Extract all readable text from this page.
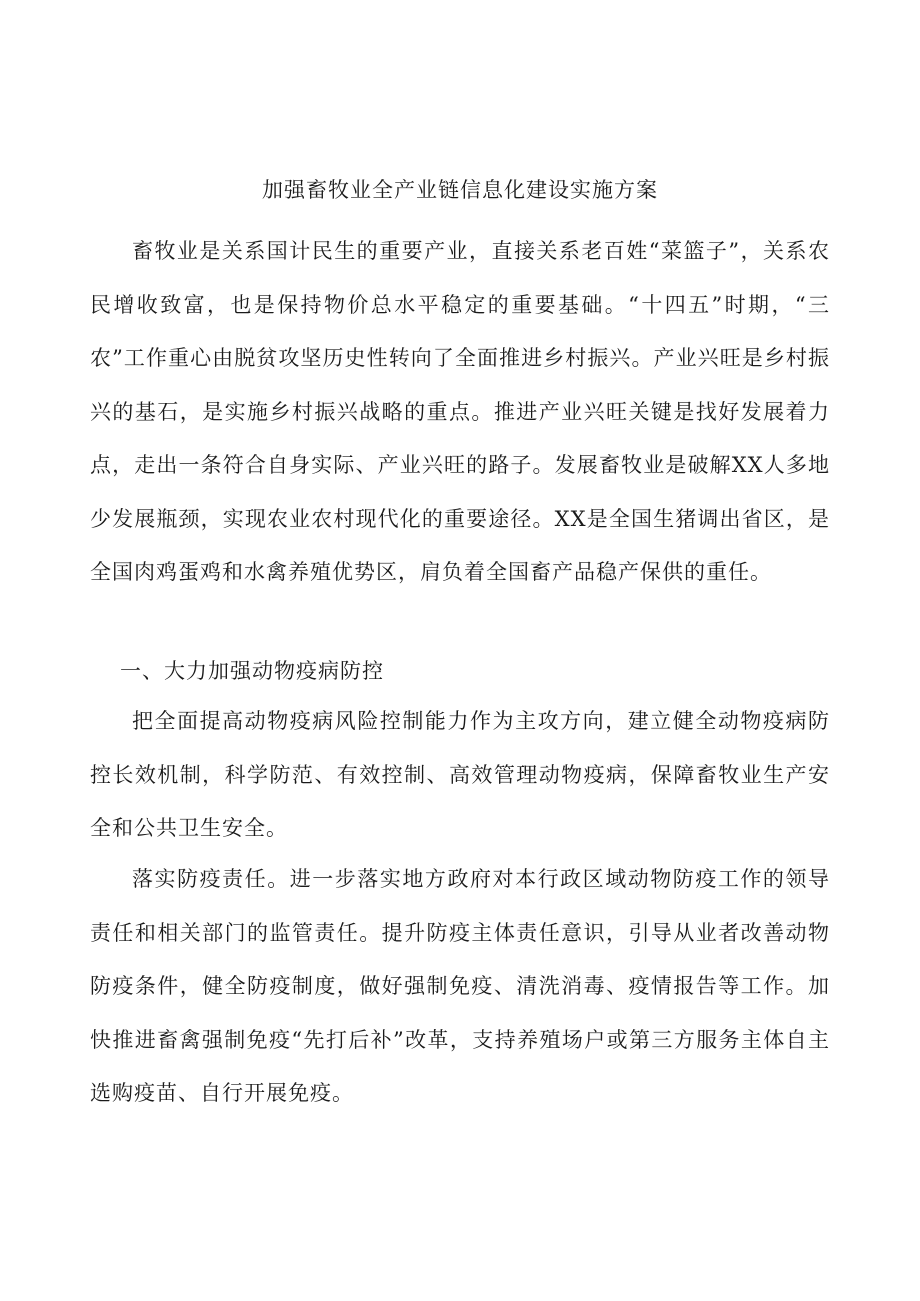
加强畜牧业全产业链信息化建设实施方案

畜牧业是关系国计民生的重要产业，直接关系老百姓“菜篮子”，关系农民增收致富，也是保持物价总水平稳定的重要基础。“十四五”时期，“三农”工作重心由脱贫攻坚历史性转向了全面推进乡村振兴。产业兴旺是乡村振兴的基石，是实施乡村振兴战略的重点。推进产业兴旺关键是找好发展着力点，走出一条符合自身实际、产业兴旺的路子。发展畜牧业是破解XX人多地少发展瓶颈，实现农业农村现代化的重要途径。XX是全国生猪调出省区，是全国肉鸡蛋鸡和水禽养殖优势区，肩负着全国畜产品稳产保供的重任。

一、大力加强动物疫病防控

把全面提高动物疫病风险控制能力作为主攻方向，建立健全动物疫病防控长效机制，科学防范、有效控制、高效管理动物疫病，保障畜牧业生产安全和公共卫生安全。

落实防疫责任。进一步落实地方政府对本行政区域动物防疫工作的领导责任和相关部门的监管责任。提升防疫主体责任意识，引导从业者改善动物防疫条件，健全防疫制度，做好强制免疫、清洗消毒、疫情报告等工作。加快推进畜禽强制免疫“先打后补”改革，支持养殖场户或第三方服务主体自主选购疫苗、自行开展免疫。
